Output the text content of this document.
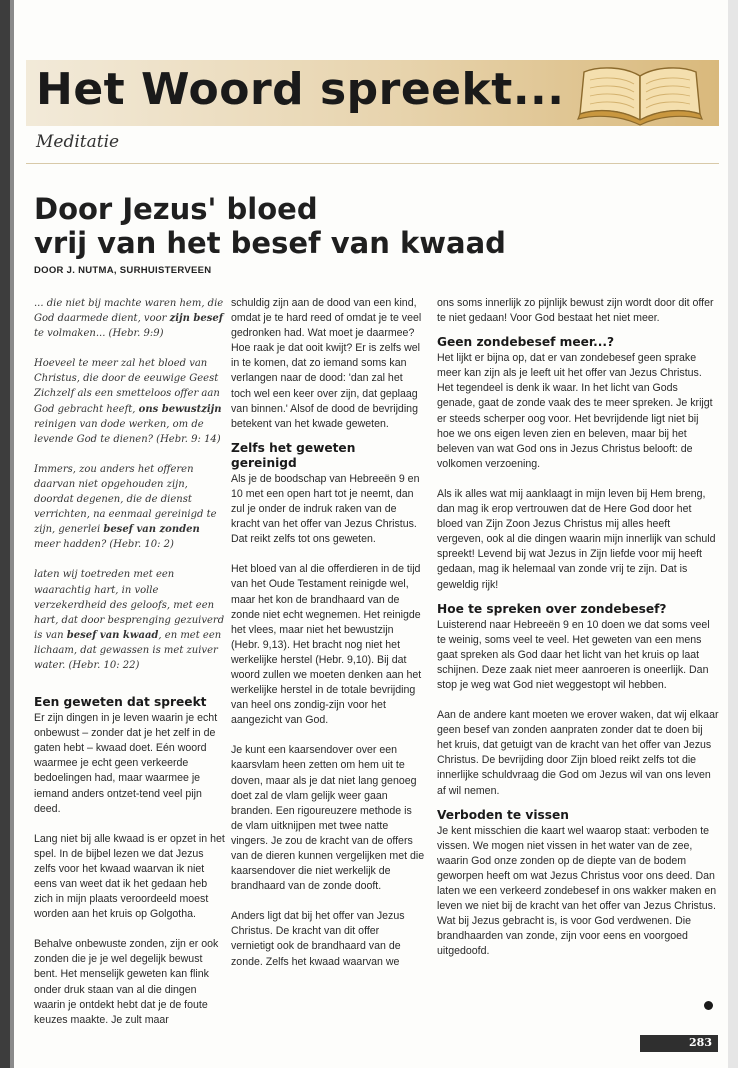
Het Woord spreekt...
Meditatie
Door Jezus' bloed
vrij van het besef van kwaad
DOOR J. NUTMA, SURHUISTERVEEN

... die niet bij machte waren hem, die God daarmede dient, voor zijn besef te volmaken... (Hebr. 9:9)

Hoeveel te meer zal het bloed van Christus, die door de eeuwige Geest Zichzelf als een smetteloos offer aan God gebracht heeft, ons bewustzijn reinigen van dode werken, om de levende God te dienen? (Hebr. 9: 14)

Immers, zou anders het offeren daarvan niet opgehouden zijn, doordat degenen, die de dienst verrichten, na eenmaal gereinigd te zijn, generlei besef van zonden meer hadden? (Hebr. 10: 2)

laten wij toetreden met een waarachtig hart, in volle verzekerdheid des geloofs, met een hart, dat door besprenging gezuiverd is van besef van kwaad, en met een lichaam, dat gewassen is met zuiver water. (Hebr. 10: 22)

Een geweten dat spreekt

Er zijn dingen in je leven waarin je echt onbewust – zonder dat je het zelf in de gaten hebt – kwaad doet. Eén woord waarmee je echt geen verkeerde bedoelingen had, maar waarmee je iemand anders ontzet-tend veel pijn deed.

Lang niet bij alle kwaad is er opzet in het spel. In de bijbel lezen we dat Jezus zelfs voor het kwaad waarvan ik niet eens van weet dat ik het gedaan heb zich in mijn plaats veroordeeld moest worden aan het kruis op Golgotha.

Behalve onbewuste zonden, zijn er ook zonden die je je wel degelijk bewust bent. Het menselijk geweten kan flink onder druk staan van al die dingen waarin je ontdekt hebt dat je de foute keuzes maakte. Je zult maar

schuldig zijn aan de dood van een kind, omdat je te hard reed of omdat je te veel gedronken had. Wat moet je daarmee? Hoe raak je dat ooit kwijt? Er is zelfs wel in te komen, dat zo iemand soms kan verlangen naar de dood: 'dan zal het toch wel een keer over zijn, dat geplaag van binnen.' Alsof de dood de bevrijding betekent van het kwade geweten.

Zelfs het geweten gereinigd

Als je de boodschap van Hebreeën 9 en 10 met een open hart tot je neemt, dan zul je onder de indruk raken van de kracht van het offer van Jezus Christus. Dat reikt zelfs tot ons geweten.

Het bloed van al die offerdieren in de tijd van het Oude Testament reinigde wel, maar het kon de brandhaard van de zonde niet echt wegnemen. Het reinigde het vlees, maar niet het bewustzijn (Hebr. 9,13). Het bracht nog niet het werkelijke herstel (Hebr. 9,10). Bij dat woord zullen we moeten denken aan het werkelijke herstel in de totale bevrijding van heel ons zondig-zijn voor het aangezicht van God.

Je kunt een kaarsendover over een kaarsvlam heen zetten om hem uit te doven, maar als je dat niet lang genoeg doet zal de vlam gelijk weer gaan branden. Een rigoureuzere methode is de vlam uitknijpen met twee natte vingers. Je zou de kracht van de offers van de dieren kunnen vergelijken met die kaarsendover die niet werkelijk de brandhaard van de zonde dooft.

Anders ligt dat bij het offer van Jezus Christus. De kracht van dit offer vernietigt ook de brandhaard van de zonde. Zelfs het kwaad waarvan we

ons soms innerlijk zo pijnlijk bewust zijn wordt door dit offer te niet gedaan! Voor God bestaat het niet meer.

Geen zondebesef meer...?

Het lijkt er bijna op, dat er van zondebesef geen sprake meer kan zijn als je leeft uit het offer van Jezus Christus. Het tegendeel is denk ik waar. In het licht van Gods genade, gaat de zonde vaak des te meer spreken. Je krijgt er steeds scherper oog voor. Het bevrijdende ligt niet bij hoe we ons eigen leven zien en beleven, maar bij het beleven van wat God ons in Jezus Christus belooft: de volkomen verzoening.

Als ik alles wat mij aanklaagt in mijn leven bij Hem breng, dan mag ik erop vertrouwen dat de Here God door het bloed van Zijn Zoon Jezus Christus mij alles heeft vergeven, ook al die dingen waarin mijn innerlijk van schuld spreekt! Levend bij wat Jezus in Zijn liefde voor mij heeft gedaan, mag ik helemaal van zonde vrij te zijn. Dat is geweldig rijk!

Hoe te spreken over zondebesef?

Luisterend naar Hebreeën 9 en 10 doen we dat soms veel te weinig, soms veel te veel. Het geweten van een mens gaat spreken als God daar het licht van het kruis op laat schijnen. Deze zaak niet meer aanroeren is oneerlijk. Dan stop je weg wat God niet weggestopt wil hebben.

Aan de andere kant moeten we erover waken, dat wij elkaar geen besef van zonden aanpraten zonder dat te doen bij het kruis, dat getuigt van de kracht van het offer van Jezus Christus. De bevrijding door Zijn bloed reikt zelfs tot die innerlijke schuldvraag die God om Jezus wil van ons leven af wil nemen.

Verboden te vissen

Je kent misschien die kaart wel waarop staat: verboden te vissen. We mogen niet vissen in het water van de zee, waarin God onze zonden op de diepte van de bodem geworpen heeft om wat Jezus Christus voor ons deed. Dan laten we een verkeerd zondebesef in ons wakker maken en leven we niet bij de kracht van het offer van Jezus Christus. Wat bij Jezus gebracht is, is voor God verdwenen. Die brandhaarden van zonde, zijn voor eens en voorgoed uitgedoofd.

283
